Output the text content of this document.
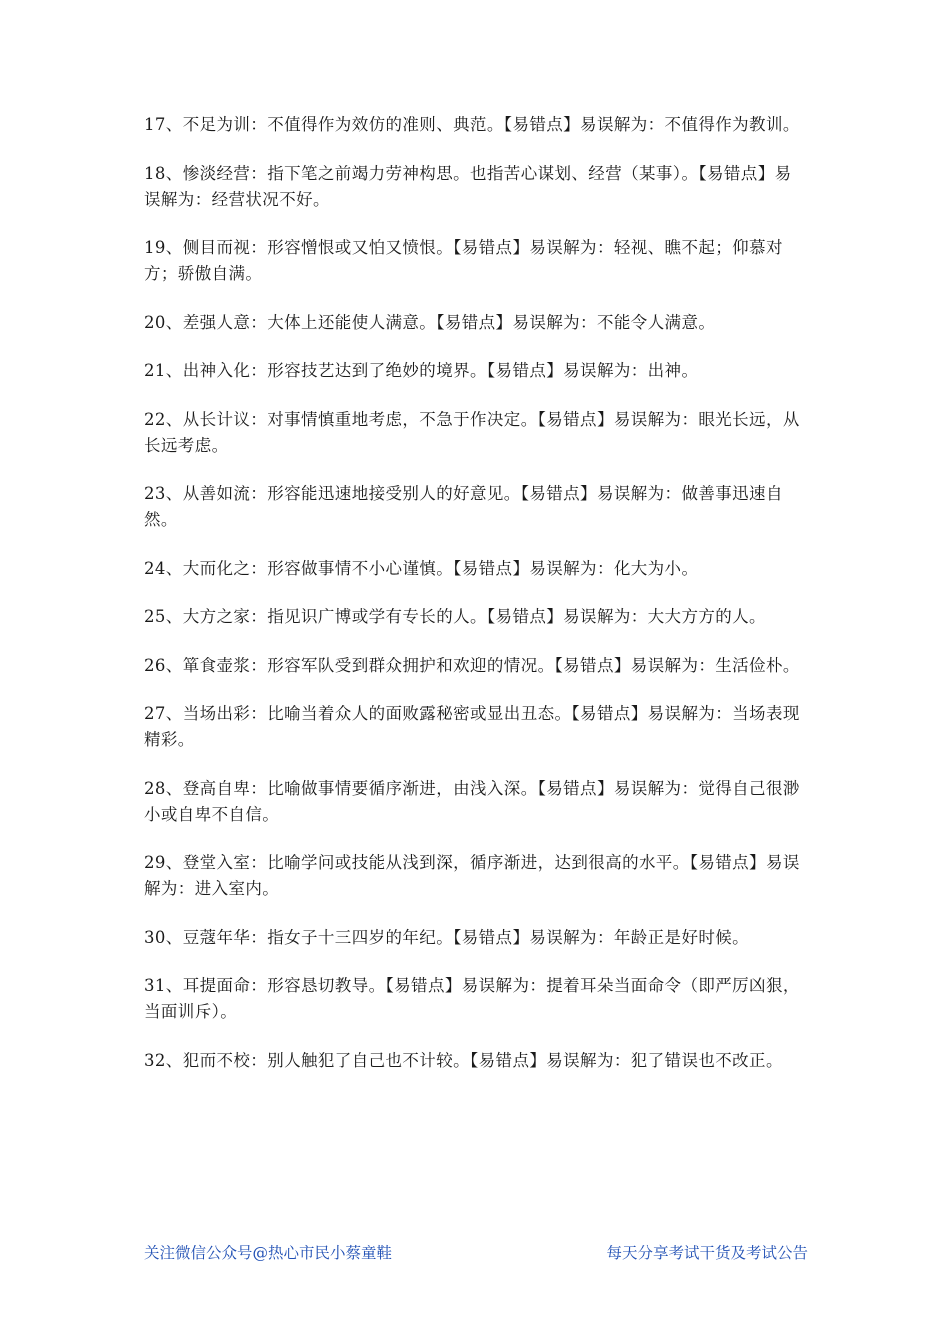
17、不足为训：不值得作为效仿的准则、典范。【易错点】易误解为：不值得作为教训。

18、惨淡经营：指下笔之前竭力劳神构思。也指苦心谋划、经营（某事）。【易错点】易误解为：经营状况不好。

19、侧目而视：形容憎恨或又怕又愤恨。【易错点】易误解为：轻视、瞧不起；仰慕对方；骄傲自满。

20、差强人意：大体上还能使人满意。【易错点】易误解为：不能令人满意。

21、出神入化：形容技艺达到了绝妙的境界。【易错点】易误解为：出神。

22、从长计议：对事情慎重地考虑，不急于作决定。【易错点】易误解为：眼光长远，从长远考虑。

23、从善如流：形容能迅速地接受别人的好意见。【易错点】易误解为：做善事迅速自然。

24、大而化之：形容做事情不小心谨慎。【易错点】易误解为：化大为小。

25、大方之家：指见识广博或学有专长的人。【易错点】易误解为：大大方方的人。

26、箪食壶浆：形容军队受到群众拥护和欢迎的情况。【易错点】易误解为：生活俭朴。

27、当场出彩：比喻当着众人的面败露秘密或显出丑态。【易错点】易误解为：当场表现精彩。

28、登高自卑：比喻做事情要循序渐进，由浅入深。【易错点】易误解为：觉得自己很渺小或自卑不自信。

29、登堂入室：比喻学问或技能从浅到深，循序渐进，达到很高的水平。【易错点】易误解为：进入室内。

30、豆蔻年华：指女子十三四岁的年纪。【易错点】易误解为：年龄正是好时候。

31、耳提面命：形容恳切教导。【易错点】易误解为：提着耳朵当面命令（即严厉凶狠，当面训斥）。

32、犯而不校：别人触犯了自己也不计较。【易错点】易误解为：犯了错误也不改正。

关注微信公众号@热心市民小蔡童鞋	每天分享考试干货及考试公告
